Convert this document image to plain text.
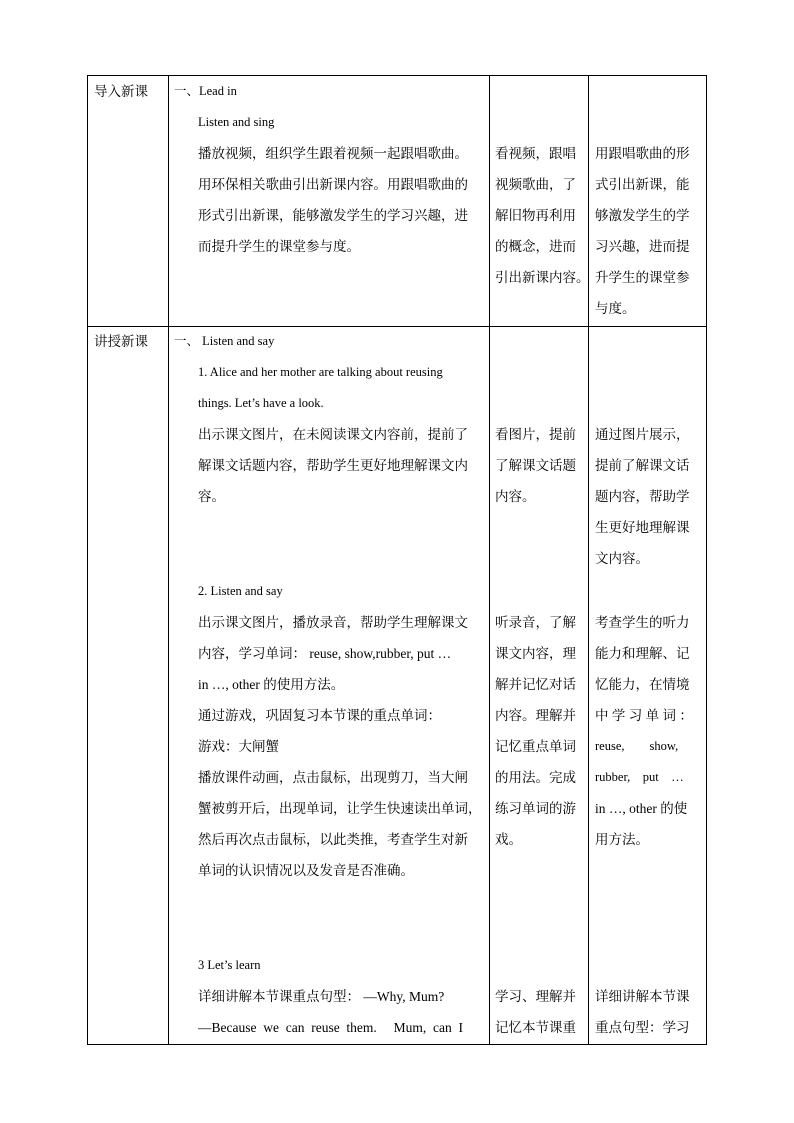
导入新课 一、Lead in
Listen and sing
播放视频，组织学生跟着视频一起跟唱歌曲。
用环保相关歌曲引出新课内容。用跟唱歌曲的
形式引出新课，能够激发学生的学习兴趣，进
而提升学生的课堂参与度。
看视频，跟唱
视频歌曲，了
解旧物再利用
的概念，进而
引出新课内容。
用跟唱歌曲的形
式引出新课，能
够激发学生的学
习兴趣，进而提
升学生的课堂参
与度。
讲授新课 一、 Listen and say
1. Alice and her mother are talking about reusing
things. Let’s have a look.
出示课文图片，在未阅读课文内容前，提前了
解课文话题内容，帮助学生更好地理解课文内
容。
2. Listen and say
出示课文图片，播放录音，帮助学生理解课文
内容，学习单词： reuse, show,rubber, put …
in …, other 的使用方法。
通过游戏，巩固复习本节课的重点单词：
游戏：大闸蟹
播放课件动画，点击鼠标，出现剪刀，当大闸
蟹被剪开后，出现单词，让学生快速读出单词，
然后再次点击鼠标，以此类推，考查学生对新
单词的认识情况以及发音是否准确。
3 Let’s learn
详细讲解本节课重点句型： —Why, Mum?
—Because  we  can  reuse  them.     Mum,  can  I
看图片，提前
了解课文话题
内容。
听录音，了解
课文内容，理
解并记忆对话
内容。理解并
记忆重点单词
的用法。完成
练习单词的游
戏。
学习、理解并
记忆本节课重
通过图片展示，
提前了解课文话
题内容，帮助学
生更好地理解课
文内容。
考查学生的听力
能力和理解、记
忆能力，在情境
中 学 习 单 词 ：
reuse,        show,
rubber,    put    …
in …, other 的使
用方法。
详细讲解本节课
重点句型：学习
